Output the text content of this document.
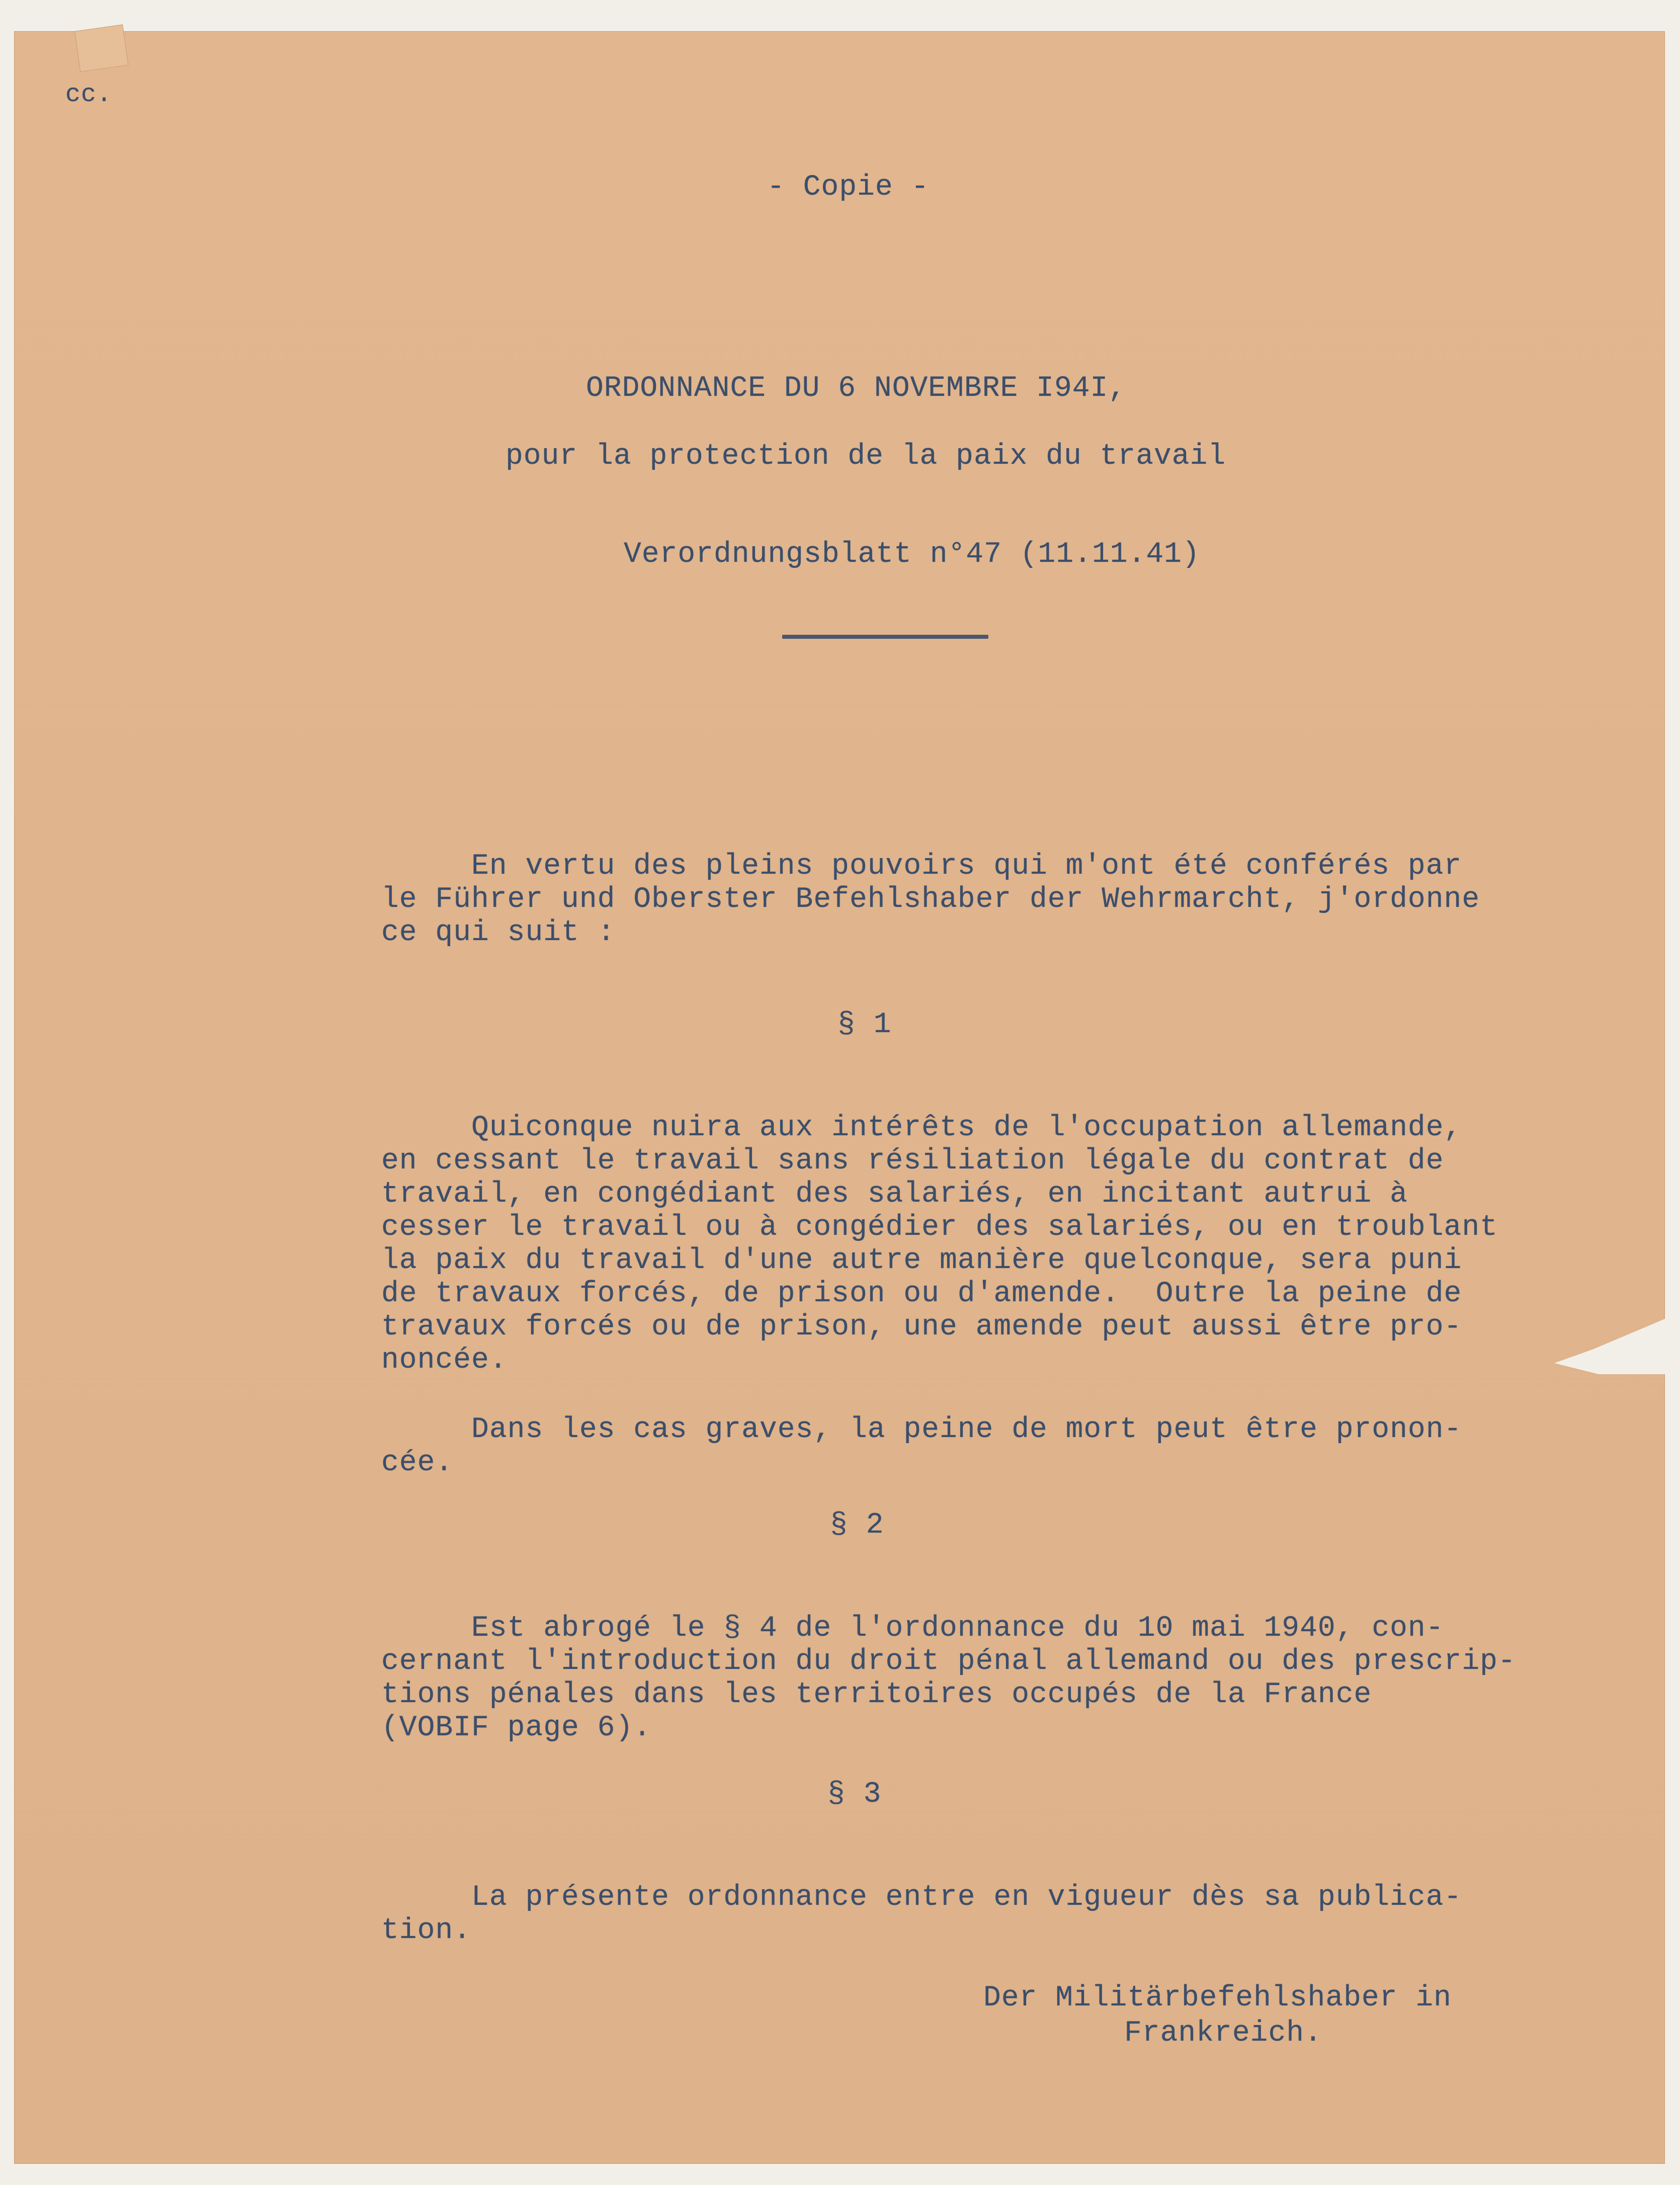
cc.

- Copie -

ORDONNANCE DU 6 NOVEMBRE I94I,

pour la protection de la paix du travail

Verordnungsblatt n°47 (11.11.41)

En vertu des pleins pouvoirs qui m'ont été conférés par
le Führer und Oberster Befehlshaber der Wehrmarcht, j'ordonne
ce qui suit :

§ 1

Quiconque nuira aux intérêts de l'occupation allemande,
en cessant le travail sans résiliation légale du contrat de
travail, en congédiant des salariés, en incitant autrui à
cesser le travail ou à congédier des salariés, ou en troublant
la paix du travail d'une autre manière quelconque, sera puni
de travaux forcés, de prison ou d'amende.  Outre la peine de
travaux forcés ou de prison, une amende peut aussi être pro-
noncée.

Dans les cas graves, la peine de mort peut être pronon-
cée.

§ 2

Est abrogé le § 4 de l'ordonnance du 10 mai 1940, con-
cernant l'introduction du droit pénal allemand ou des prescrip-
tions pénales dans les territoires occupés de la France
(VOBIF page 6).

§ 3

La présente ordonnance entre en vigueur dès sa publica-
tion.

Der Militärbefehlshaber in

Frankreich.
